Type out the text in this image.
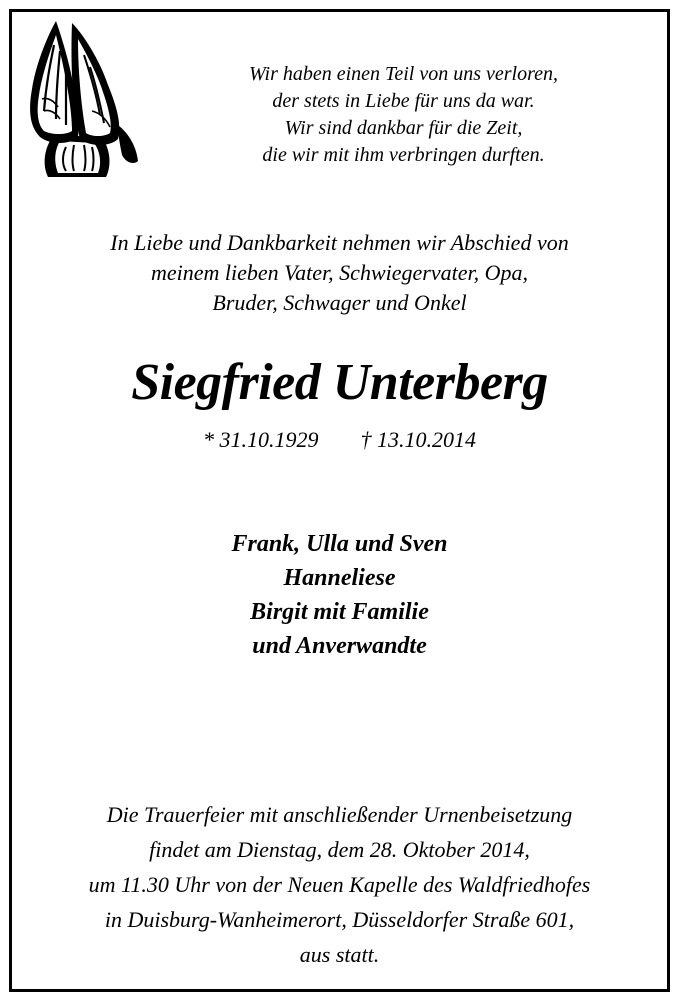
Wir haben einen Teil von uns verloren,
der stets in Liebe für uns da war.
Wir sind dankbar für die Zeit,
die wir mit ihm verbringen durften.
In Liebe und Dankbarkeit nehmen wir Abschied von
meinem lieben Vater, Schwiegervater, Opa,
Bruder, Schwager und Onkel
Siegfried Unterberg
* 31.10.1929 † 13.10.2014
Frank, Ulla und Sven
Hanneliese
Birgit mit Familie
und Anverwandte
Die Trauerfeier mit anschließender Urnenbeisetzung
findet am Dienstag, dem 28. Oktober 2014,
um 11.30 Uhr von der Neuen Kapelle des Waldfriedhofes
in Duisburg-Wanheimerort, Düsseldorfer Straße 601,
aus statt.
